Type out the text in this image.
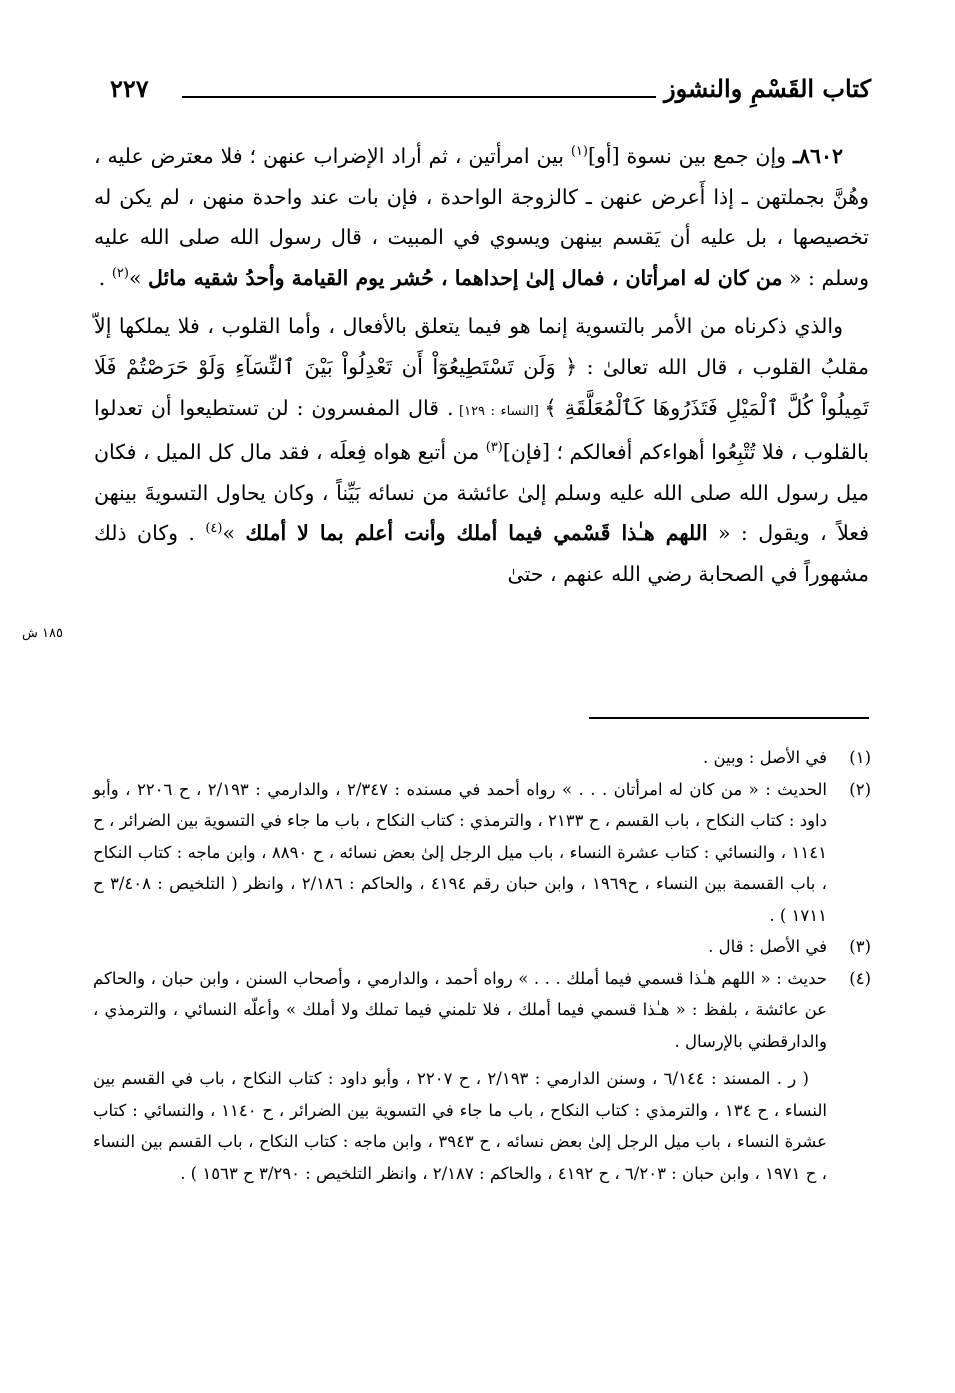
كتاب القَسْمِ والنشوز
٢٢٧

٨٦٠٢ـ وإن جمع بين نسوة [أو]$^{(١)}$ بين امرأتين ، ثم أراد الإضراب عنهن ؛ فلا معترض عليه ، وهُنَّ بجملتهن ـ إذا أَعرض عنهن ـ كالزوجة الواحدة ، فإن بات عند واحدة منهن ، لم يكن له تخصيصها ، بل عليه أن يَقسم بينهن ويسوي في المبيت ، قال رسول الله صلى الله عليه وسلم : « من كان له امرأتان ، فمال إلىٰ إحداهما ، حُشر يوم القيامة وأحدُ شقيه مائل »$^{(٢)}$ .

والذي ذكرناه من الأمر بالتسوية إنما هو فيما يتعلق بالأفعال ، وأما القلوب ، فلا يملكها إلاّ مقلبُ القلوب ، قال الله تعالىٰ : ﴿ وَلَن تَسْتَطِيعُوٓاْ أَن تَعْدِلُواْ بَيْنَ ٱلنِّسَآءِ وَلَوْ حَرَصْتُمْ فَلَا تَمِيلُواْ كُلَّ ٱلْمَيْلِ فَتَذَرُوهَا كَٱلْمُعَلَّقَةِ ﴾ [النساء : ١٢٩] . قال المفسرون : لن تستطيعوا أن تعدلوا بالقلوب ، فلا تُتْبِعُوا أهواءكم أفعالكم ؛ [فإن]$^{(٣)}$ من أتبع هواه فِعلَه ، فقد مال كل الميل ، فكان ميل رسول الله صلى الله عليه وسلم إلىٰ عائشة من نسائه بَيِّناً ، وكان يحاول التسويةَ بينهن فعلاً ، ويقول : « اللهم هـٰذا قَسْمي فيما أملك وأنت أعلم بما لا أملك »$^{(٤)}$ . وكان ذلك مشهوراً في الصحابة رضي الله عنهم ، حتىٰ

١٨٥ ش
(١)

في الأصل : وبين .

(٢)

الحديث : « من كان له امرأتان . . . » رواه أحمد في مسنده : ٢/٣٤٧ ، والدارمي : ٢/١٩٣ ، ح ٢٢٠٦ ، وأبو داود : كتاب النكاح ، باب القسم ، ح ٢١٣٣ ، والترمذي : كتاب النكاح ، باب ما جاء في التسوية بين الضرائر ، ح ١١٤١ ، والنسائي : كتاب عشرة النساء ، باب ميل الرجل إلىٰ بعض نسائه ، ح ٨٨٩٠ ، وابن ماجه : كتاب النكاح ، باب القسمة بين النساء ، ح١٩٦٩ ، وابن حبان رقم ٤١٩٤ ، والحاكم : ٢/١٨٦ ، وانظر ( التلخيص : ٣/٤٠٨ ح ١٧١١ ) .

(٣)

في الأصل : قال .

(٤)

حديث : « اللهم هـٰذا قسمي فيما أملك . . . » رواه أحمد ، والدارمي ، وأصحاب السنن ، وابن حبان ، والحاكم عن عائشة ، بلفظ : « هـٰذا قسمي فيما أملك ، فلا تلمني فيما تملك ولا أملك » وأعلّه النسائي ، والترمذي ، والدارقطني بالإرسال .

( ر . المسند : ٦/١٤٤ ، وسنن الدارمي : ٢/١٩٣ ، ح ٢٢٠٧ ، وأبو داود : كتاب النكاح ، باب في القسم بين النساء ، ح ١٣٤ ، والترمذي : كتاب النكاح ، باب ما جاء في التسوية بين الضرائر ، ح ١١٤٠ ، والنسائي : كتاب عشرة النساء ، باب ميل الرجل إلىٰ بعض نسائه ، ح ٣٩٤٣ ، وابن ماجه : كتاب النكاح ، باب القسم بين النساء ، ح ١٩٧١ ، وابن حبان : ٦/٢٠٣ ، ح ٤١٩٢ ، والحاكم : ٢/١٨٧ ، وانظر التلخيص : ٣/٢٩٠ ح ١٥٦٣ ) .
